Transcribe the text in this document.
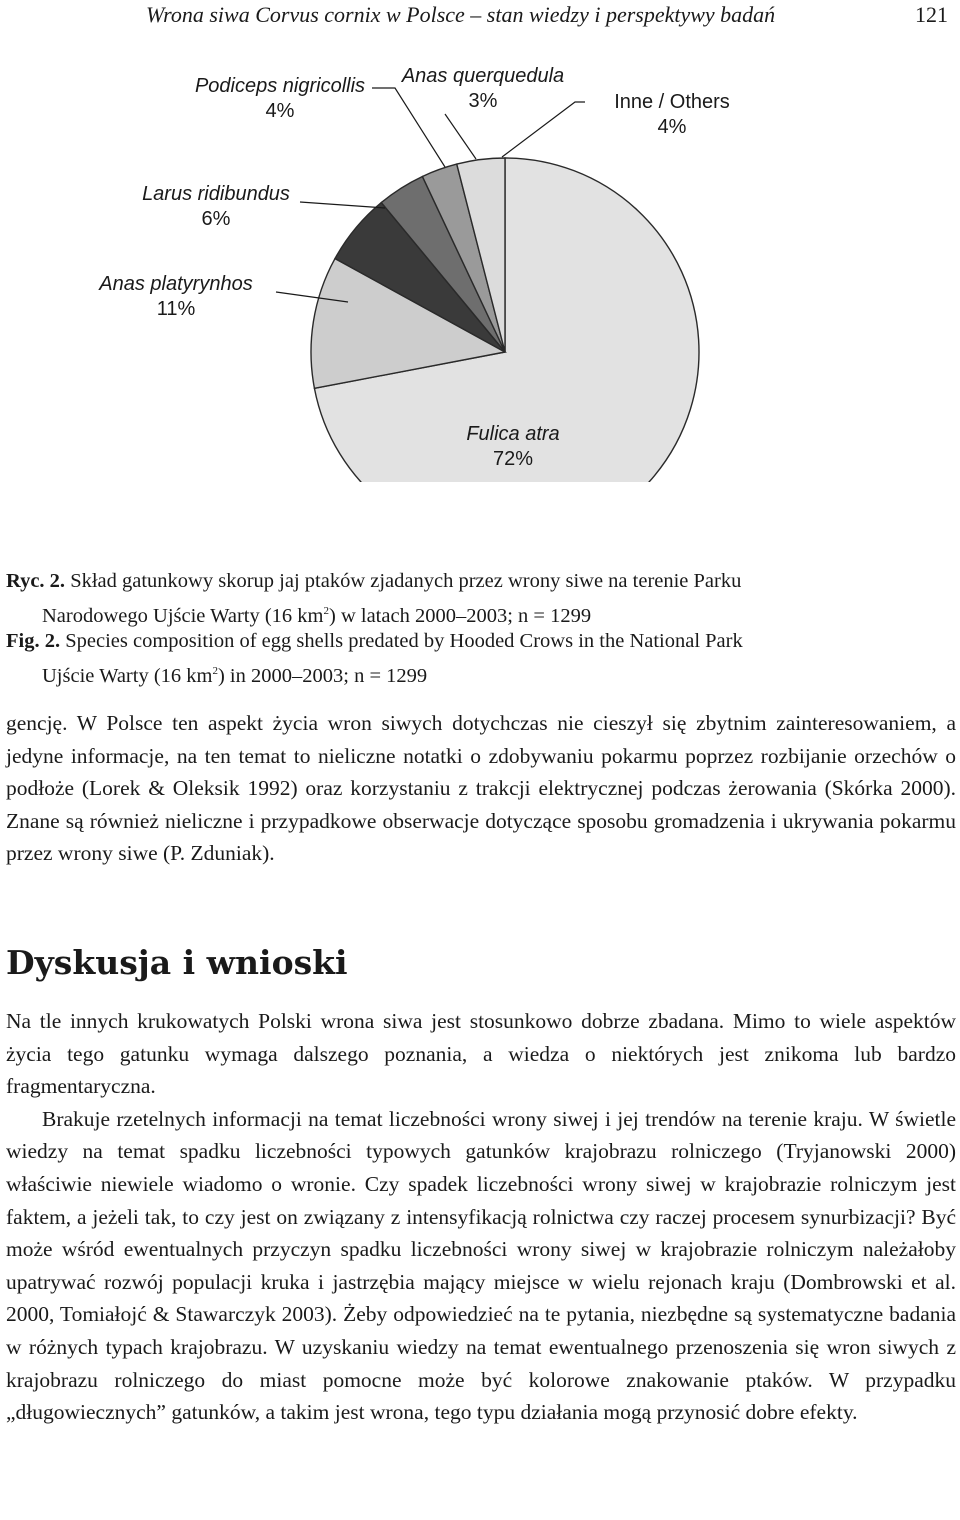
Wrona siwa Corvus cornix w Polsce – stan wiedzy i perspektywy badań	121
Fulica atra
72%
Anas platyrynhos
11%
Larus ridibundus
6%
Podiceps nigricollis
4%
Anas querquedula
3%	Inne / Others
4%
Ryc. 2. Skład gatunkowy skorup jaj ptaków zjadanych przez wrony siwe na terenie Parku
Narodowego Ujście Warty (16 $km^2$) w latach 2000–2003; n = 1299
Fig. 2. Species composition of egg shells predated by Hooded Crows in the National Park
Ujście Warty (16 $km^2$) in 2000–2003; n = 1299

gencję. W Polsce ten aspekt życia wron siwych dotychczas nie cieszył się zbytnim zainteresowaniem, a jedyne informacje, na ten temat to nieliczne notatki o zdobywaniu pokarmu poprzez rozbijanie orzechów o podłoże (Lorek & Oleksik 1992) oraz korzystaniu z trakcji elektrycznej podczas żerowania (Skórka 2000). Znane są również nieliczne i przypadkowe obserwacje dotyczące sposobu gromadzenia i ukrywania pokarmu przez wrony siwe (P. Zduniak).

Dyskusja i wnioski

Na tle innych krukowatych Polski wrona siwa jest stosunkowo dobrze zbadana. Mimo to wiele aspektów życia tego gatunku wymaga dalszego poznania, a wiedza o niektórych jest znikoma lub bardzo fragmentaryczna.

Brakuje rzetelnych informacji na temat liczebności wrony siwej i jej trendów na terenie kraju. W świetle wiedzy na temat spadku liczebności typowych gatunków krajobrazu rolniczego (Tryjanowski 2000) właściwie niewiele wiadomo o wronie. Czy spadek liczebności wrony siwej w krajobrazie rolniczym jest faktem, a jeżeli tak, to czy jest on związany z intensyfikacją rolnictwa czy raczej procesem synurbizacji? Być może wśród ewentualnych przyczyn spadku liczebności wrony siwej w krajobrazie rolniczym należałoby upatrywać rozwój populacji kruka i jastrzębia mający miejsce w wielu rejonach kraju (Dombrowski et al. 2000, Tomiałojć & Stawarczyk 2003). Żeby odpowiedzieć na te pytania, niezbędne są systematyczne badania w różnych typach krajobrazu. W uzyskaniu wiedzy na temat ewentualnego przenoszenia się wron siwych z krajobrazu rolniczego do miast pomocne może być kolorowe znakowanie ptaków. W przypadku „długowiecznych” gatunków, a takim jest wrona, tego typu działania mogą przynosić dobre efekty.
